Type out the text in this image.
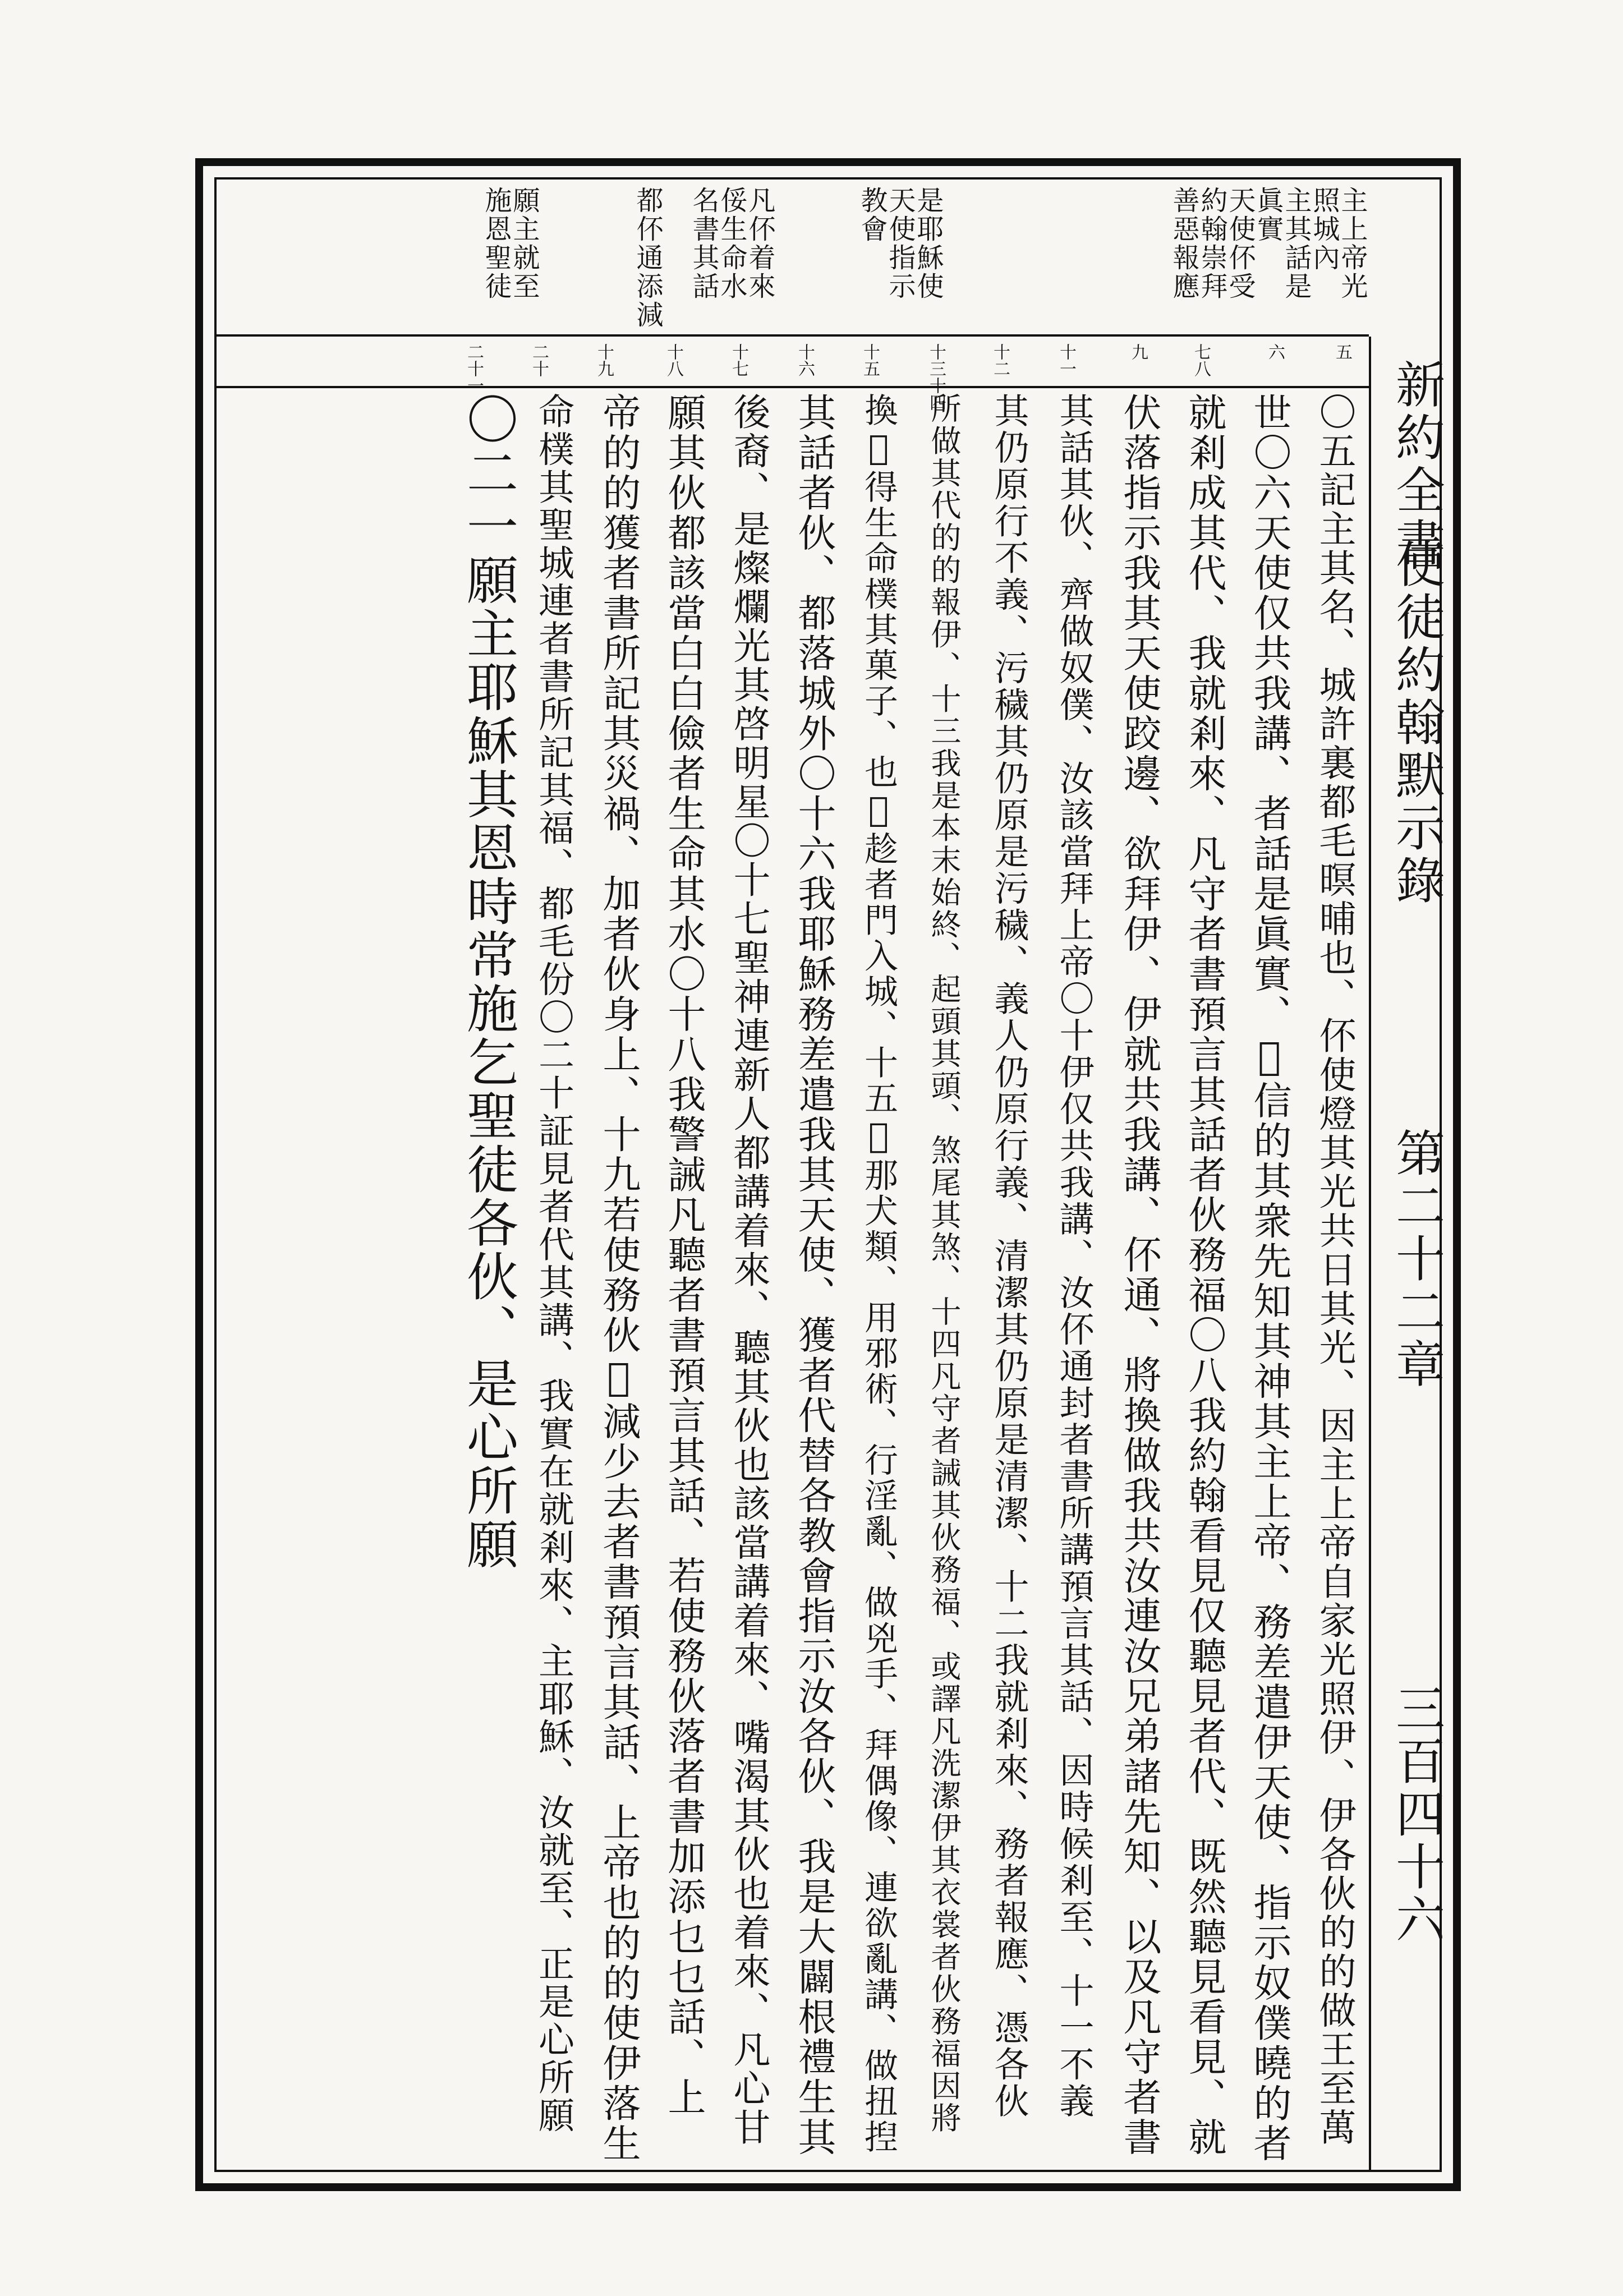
新約全書
使徒約翰默示錄
第二十二章
三百四十六
主上帝光
照城內
主其話是
眞實
天使伓受
約翰崇拜
善惡報應
是耶穌使
天使指示
教會
凡伓着來
俀生命水
名書其話
都伓通添減
願主就至
施恩聖徒
五
六
七八
九
十一
十二
十三十四
十五
十六
十七
十八
十九
二十
二十一
〇五記主其名、城許裏都毛暝晡也、伓使燈其光共日其光、因主上帝自家光照伊、伊各伙的的做王至萬
世〇六天使仅共我講、者話是眞實、𠎤信的其衆先知其神其主上帝、務差遣伊天使、指示奴僕曉的者
就剎成其代、我就剎來、凡守者書預言其話者伙務福〇八我約翰看見仅聽見者代、既然聽見看見、就
伏落指示我其天使跤邊、欲拜伊、伊就共我講、伓通、將換做我共汝連汝兄弟諸先知、以及凡守者書
其話其伙、齊做奴僕、汝該當拜上帝〇十伊仅共我講、汝伓通封者書所講預言其話、因時候剎至、十一不義
其仍原行不義、污穢其仍原是污穢、義人仍原行義、清潔其仍原是清潔、十二我就剎來、務者報應、憑各伙
所做其代的的報伊、十三我是本末始終、起頭其頭、煞尾其煞、十四凡守者誡其伙務福、或譯凡洗潔伊其衣裳者伙務福因將
換𠎤得生命樸其菓子、也𠎤趁者門入城、十五𠎤那犬類、用邪術、行淫亂、做兇手、拜偶像、連欲亂講、做扭揑
其話者伙、都落城外〇十六我耶穌務差遣我其天使、獲者代替各教會指示汝各伙、我是大闢根禮生其
後裔、是燦爛光其啓明星〇十七聖神連新人都講着來、聽其伙也該當講着來、嘴渴其伙也着來、凡心甘
願其伙都該當白白儉者生命其水〇十八我警誡凡聽者書預言其話、若使務伙落者書加添乜乜話、上
帝的的獲者書所記其災禍、加者伙身上、十九若使務伙𠎤減少去者書預言其話、上帝也的的使伊落生
命樸其聖城連者書所記其福、都毛份〇二十証見者代其講、我實在就剎來、主耶穌、汝就至、正是心所願
〇二一願主耶穌其恩時常施乞聖徒各伙、是心所願
